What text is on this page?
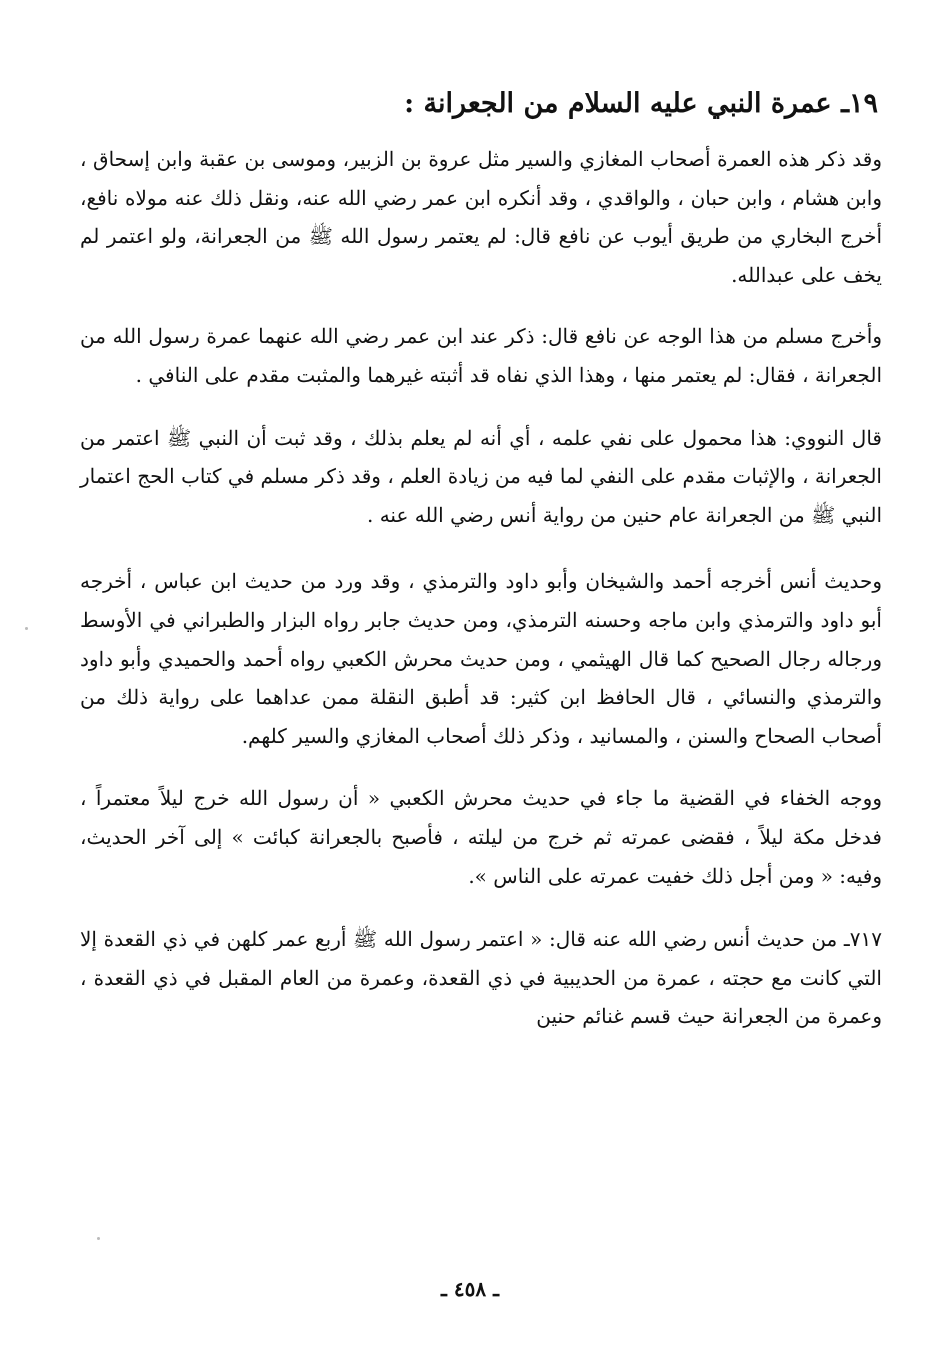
١٩ـ عمرة النبي عليه السلام من الجعرانة :

وقد ذكر هذه العمرة أصحاب المغازي والسير مثل عروة بن الزبير، وموسى بن عقبة وابن إسحاق ، وابن هشام ، وابن حبان ، والواقدي ، وقد أنكره ابن عمر رضي الله عنه، ونقل ذلك عنه مولاه نافع، أخرج البخاري من طريق أيوب عن نافع قال: لم يعتمر رسول الله ﷺ من الجعرانة، ولو اعتمر لم يخف على عبدالله.

وأخرج مسلم من هذا الوجه عن نافع قال: ذكر عند ابن عمر رضي الله عنهما عمرة رسول الله من الجعرانة ، فقال: لم يعتمر منها ، وهذا الذي نفاه قد أثبته غيرهما والمثبت مقدم على النافي .

قال النووي: هذا محمول على نفي علمه ، أي أنه لم يعلم بذلك ، وقد ثبت أن النبي ﷺ اعتمر من الجعرانة ، والإثبات مقدم على النفي لما فيه من زيادة العلم ، وقد ذكر مسلم في كتاب الحج اعتمار النبي ﷺ من الجعرانة عام حنين من رواية أنس رضي الله عنه .

وحديث أنس أخرجه أحمد والشيخان وأبو داود والترمذي ، وقد ورد من حديث ابن عباس ، أخرجه أبو داود والترمذي وابن ماجه وحسنه الترمذي، ومن حديث جابر رواه البزار والطبراني في الأوسط ورجاله رجال الصحيح كما قال الهيثمي ، ومن حديث محرش الكعبي رواه أحمد والحميدي وأبو داود والترمذي والنسائي ، قال الحافظ ابن كثير: قد أطبق النقلة ممن عداهما على رواية ذلك من أصحاب الصحاح والسنن ، والمسانيد ، وذكر ذلك أصحاب المغازي والسير كلهم.

ووجه الخفاء في القضية ما جاء في حديث محرش الكعبي « أن رسول الله خرج ليلاً معتمراً ، فدخل مكة ليلاً ، فقضى عمرته ثم خرج من ليلته ، فأصبح بالجعرانة كبائت » إلى آخر الحديث، وفيه: « ومن أجل ذلك خفيت عمرته على الناس ».

٧١٧ـ من حديث أنس رضي الله عنه قال: « اعتمر رسول الله ﷺ أربع عمر كلهن في ذي القعدة إلا التي كانت مع حجته ، عمرة من الحديبية في ذي القعدة، وعمرة من العام المقبل في ذي القعدة ، وعمرة من الجعرانة حيث قسم غنائم حنين

ـ ٤٥٨ ـ
